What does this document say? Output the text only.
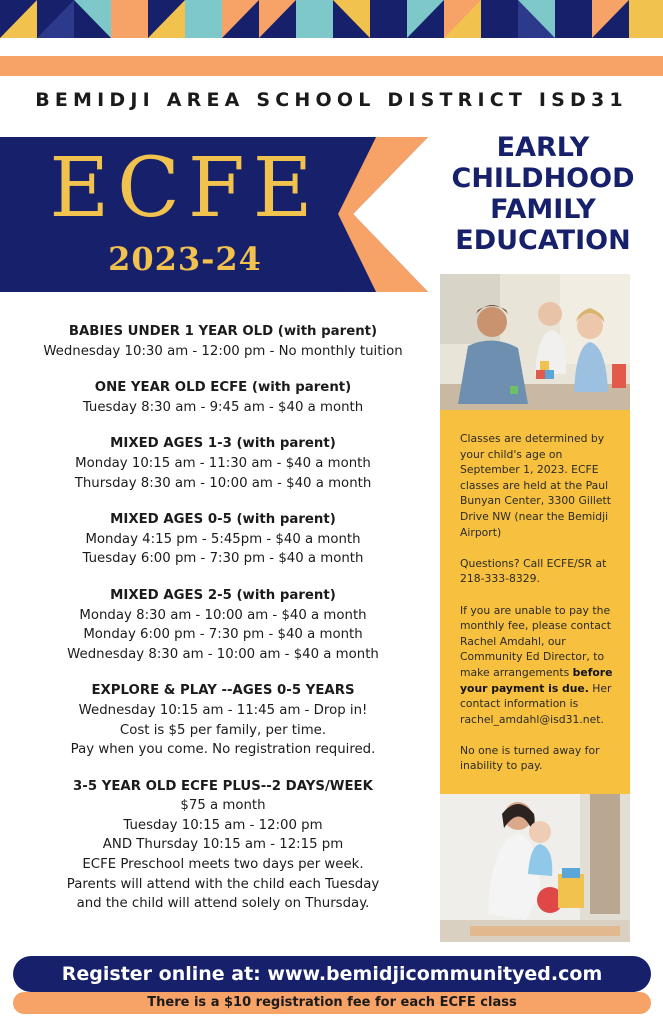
BEMIDJI AREA SCHOOL DISTRICT ISD31
ECFE
2023-24
EARLY
CHILDHOOD
FAMILY
EDUCATION
BABIES UNDER 1 YEAR OLD (with parent)
Wednesday 10:30 am - 12:00 pm - No monthly tuition
ONE YEAR OLD ECFE (with parent)
Tuesday 8:30 am - 9:45 am - $40 a month
MIXED AGES 1-3 (with parent)
Monday 10:15 am - 11:30 am - $40 a month
Thursday 8:30 am - 10:00 am - $40 a month
MIXED AGES 0-5 (with parent)
Monday 4:15 pm - 5:45pm - $40 a month
Tuesday 6:00 pm - 7:30 pm - $40 a month
MIXED AGES 2-5 (with parent)
Monday 8:30 am - 10:00 am - $40 a month
Monday 6:00 pm - 7:30 pm - $40 a month
Wednesday 8:30 am - 10:00 am - $40 a month
EXPLORE & PLAY --AGES 0-5 YEARS
Wednesday 10:15 am - 11:45 am - Drop in!
Cost is $5 per family, per time.
Pay when you come. No registration required.
3-5 YEAR OLD ECFE PLUS--2 DAYS/WEEK
$75 a month
Tuesday 10:15 am - 12:00 pm
AND Thursday 10:15 am - 12:15 pm
ECFE Preschool meets two days per week.
Parents will attend with the child each Tuesday
and the child will attend solely on Thursday.

Classes are determined by your child's age on September 1, 2023. ECFE classes are held at the Paul Bunyan Center, 3300 Gillett Drive NW (near the Bemidji Airport)

Questions? Call ECFE/SR at 218-333-8329.

If you are unable to pay the monthly fee, please contact Rachel Amdahl, our Community Ed Director, to make arrangements before your payment is due. Her contact information is rachel_amdahl@isd31.net.

No one is turned away for inability to pay.

Register online at: www.bemidjicommunityed.com
There is a $10 registration fee for each ECFE class
